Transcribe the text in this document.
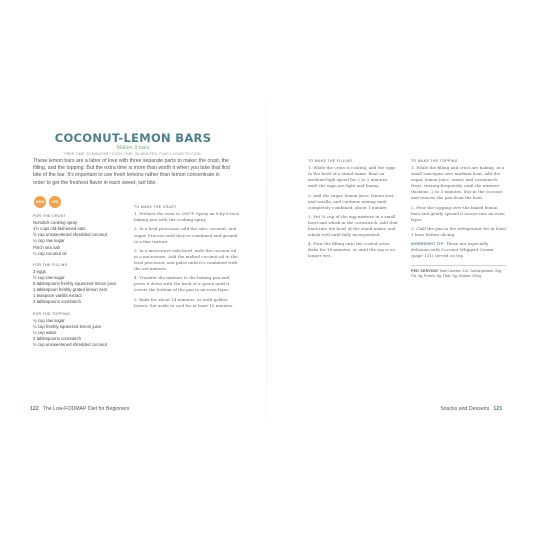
COCONUT-LEMON BARS
Makes 9 bars
PREP TIME: 20 MINUTES / COOK TIME: 30 MINUTES, PLUS 1 HOUR TO COOL

These lemon bars are a labor of love with three separate parts to make: the crust, the filling, and the topping. But the extra time is more than worth it when you take that first bite of the bar. It's important to use fresh lemons rather than lemon concentrate in order to get the freshest flavor in each sweet, tart bite.

5 ING	VEG
FOR THE CRUST
Nonstick cooking spray
1½ cups old-fashioned oats
½ cup unsweetened shredded coconut
¼ cup raw sugar
Pinch sea salt
¼ cup coconut oil
FOR THE FILLING
3 eggs
½ cup raw sugar
5 tablespoons freshly squeezed lemon juice
1 tablespoon freshly grated lemon zest
1 teaspoon vanilla extract
2 tablespoons cornstarch
FOR THE TOPPING
¼ cup raw sugar
¼ cup freshly squeezed lemon juice
¼ cup water
2 tablespoons cornstarch
½ cup unsweetened shredded coconut
TO MAKE THE CRUST

1. Preheat the oven to 350°F. Spray an 8-by-8-inch baking pan with the cooking spray.

2. In a food processor, add the oats, coconut, and sugar. Process until they're combined and ground to a fine texture.

3. In a microwave-safe bowl, melt the coconut oil in a microwave. Add the melted coconut oil to the food processor, and pulse until it's combined with the oat mixture.

4. Transfer the mixture to the baking pan and press it down with the back of a spoon until it covers the bottom of the pan in an even layer.

5. Bake for about 14 minutes, or until golden brown. Set aside to cool for at least 10 minutes.

TO MAKE THE FILLING

1. While the crust is cooling, add the eggs to the bowl of a stand mixer. Beat on medium-high speed for 2 to 3 minutes, until the eggs are light and foamy.

2. Add the sugar, lemon juice, lemon zest, and vanilla, and continue mixing until completely combined, about 1 minute.

3. Put ¼ cup of the egg mixture in a small bowl and whisk in the cornstarch. Add that back into the bowl of the stand mixer, and whisk well until fully incorporated.

4. Pour the filling onto the cooled crust. Bake for 18 minutes, or until the top is no longer wet.

TO MAKE THE TOPPING

1. While the filling and crust are baking, in a small saucepan over medium heat, add the sugar, lemon juice, water, and cornstarch. Heat, stirring frequently, until the mixture thickens, 2 to 3 minutes. Stir in the coconut and remove the pan from the heat.

2. Pour the topping over the baked lemon bars and gently spread it across into an even layer.

3. Chill the pan in the refrigerator for at least 1 hour before slicing.

INGREDIENT TIP: These are especially delicious with Coconut Whipped Cream (page 131) served on top.

PER SERVING Total Calories: 210; Carbohydrates: 30g; Fat: 9g; Protein: 5g; Fiber: 3g; Sodium: 20mg

122 The Low-FODMAP Diet for Beginners	Snacks and Desserts 123
